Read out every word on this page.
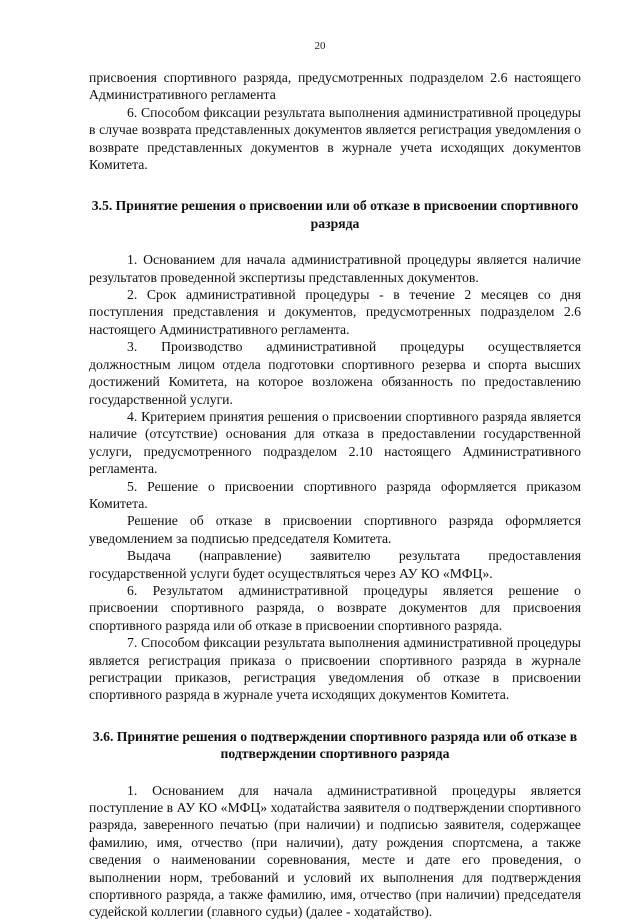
20

присвоения спортивного разряда, предусмотренных подразделом 2.6 настоящего Административного регламента

6. Способом фиксации результата выполнения административной процедуры в случае возврата представленных документов является регистрация уведомления о возврате представленных документов в журнале учета исходящих документов Комитета.

3.5. Принятие решения о присвоении или об отказе в присвоении спортивного разряда

1. Основанием для начала административной процедуры является наличие результатов проведенной экспертизы представленных документов.

2. Срок административной процедуры - в течение 2 месяцев со дня поступления представления и документов, предусмотренных подразделом 2.6 настоящего Административного регламента.

3. Производство административной процедуры осуществляется должностным лицом отдела подготовки спортивного резерва и спорта высших достижений Комитета, на которое возложена обязанность по предоставлению государственной услуги.

4. Критерием принятия решения о присвоении спортивного разряда является наличие (отсутствие) основания для отказа в предоставлении государственной услуги, предусмотренного подразделом 2.10 настоящего Административного регламента.

5. Решение о присвоении спортивного разряда оформляется приказом Комитета.

Решение об отказе в присвоении спортивного разряда оформляется уведомлением за подписью председателя Комитета.

Выдача (направление) заявителю результата предоставления государственной услуги будет осуществляться через АУ КО «МФЦ».

6. Результатом административной процедуры является решение о присвоении спортивного разряда, о возврате документов для присвоения спортивного разряда или об отказе в присвоении спортивного разряда.

7. Способом фиксации результата выполнения административной процедуры является регистрация приказа о присвоении спортивного разряда в журнале регистрации приказов, регистрация уведомления об отказе в присвоении спортивного разряда в журнале учета исходящих документов Комитета.

3.6. Принятие решения о подтверждении спортивного разряда или об отказе в подтверждении спортивного разряда

1. Основанием для начала административной процедуры является поступление в АУ КО «МФЦ» ходатайства заявителя о подтверждении спортивного разряда, заверенного печатью (при наличии) и подписью заявителя, содержащее фамилию, имя, отчество (при наличии), дату рождения спортсмена, а также сведения о наименовании соревнования, месте и дате его проведения, о выполнении норм, требований и условий их выполнения для подтверждения спортивного разряда, а также фамилию, имя, отчество (при наличии) председателя судейской коллегии (главного судьи) (далее - ходатайство).
